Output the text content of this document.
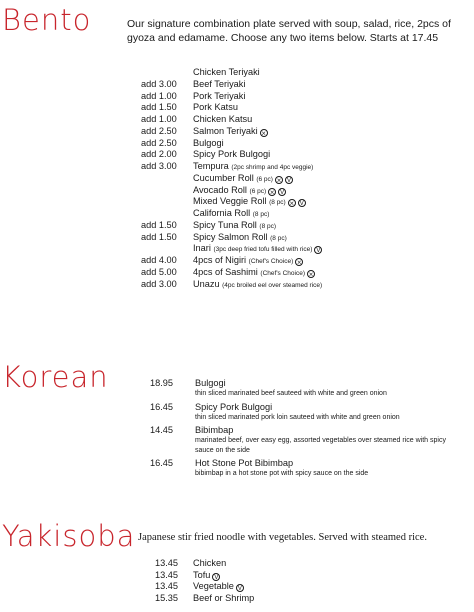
Bento	Our signature combination plate served with soup, salad, rice, 2pcs of gyoza and edamame. Choose any two items below. Starts at 17.45
Chicken Teriyaki
add 3.00	Beef Teriyaki
add 1.00	Pork Teriyaki
add 1.50	Pork Katsu
add 1.00	Chicken Katsu
add 2.50	Salmon Teriyaki ⨯
add 2.50	Bulgogi
add 2.00	Spicy Pork Bulgogi
add 3.00	Tempura (2pc shrimp and 4pc veggie)
Cucumber Roll (6 pc) ⨯ V
Avocado Roll (6 pc) ⨯ V
Mixed Veggie Roll (8 pc) ⨯ V
California Roll (8 pc)
add 1.50	Spicy Tuna Roll (8 pc)
add 1.50	Spicy Salmon Roll (8 pc)
Inari (3pc deep fried tofu filled with rice) V
add 4.00	4pcs of Nigiri (Chef's Choice) ⨯
add 5.00	4pcs of Sashimi (Chef's Choice) ⨯
add 3.00	Unazu (4pc broiled eel over steamed rice)
Korean	18.95 Bulgogi
thin sliced marinated beef sauteed with white and green onion
16.45 Spicy Pork Bulgogi
thin sliced marinated pork loin sauteed with white and green onion
14.45 Bibimbap
marinated beef, over easy egg, assorted vegetables over steamed rice with spicy sauce on the side
16.45 Hot Stone Pot Bibimbap
bibimbap in a hot stone pot with spicy sauce on the side
Yakisoba Japanese stir fried noodle with vegetables. Served with steamed rice.
13.45 Chicken
13.45 Tofu V
13.45 Vegetable V
15.35 Beef or Shrimp
